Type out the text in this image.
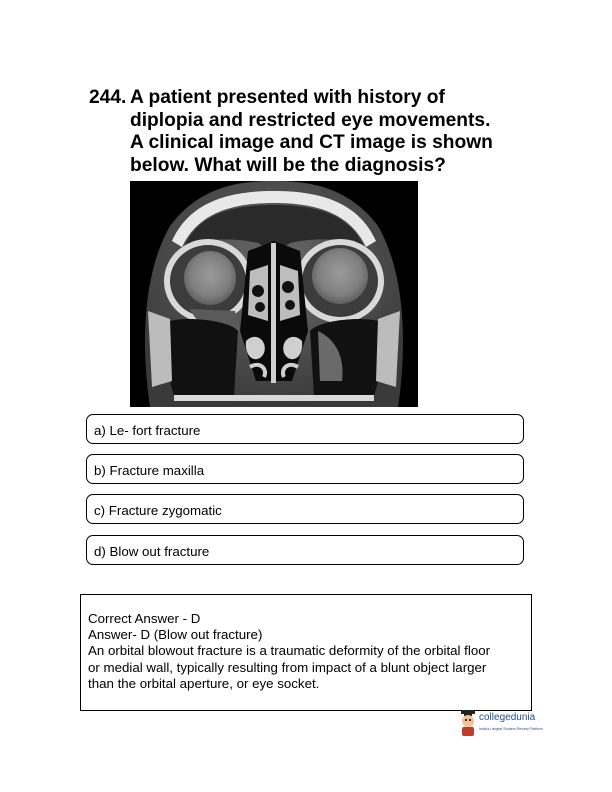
244. A patient presented with history of
diplopia and restricted eye movements.
A clinical image and CT image is shown
below. What will be the diagnosis?
a) Le- fort fracture
b) Fracture maxilla
c) Fracture zygomatic
d) Blow out fracture
Correct Answer - D
Answer- D (Blow out fracture)
An orbital blowout fracture is a traumatic deformity of the orbital floor
or medial wall, typically resulting from impact of a blunt object larger
than the orbital aperture, or eye socket.
collegedunia
India's Largest Student Review Platform
